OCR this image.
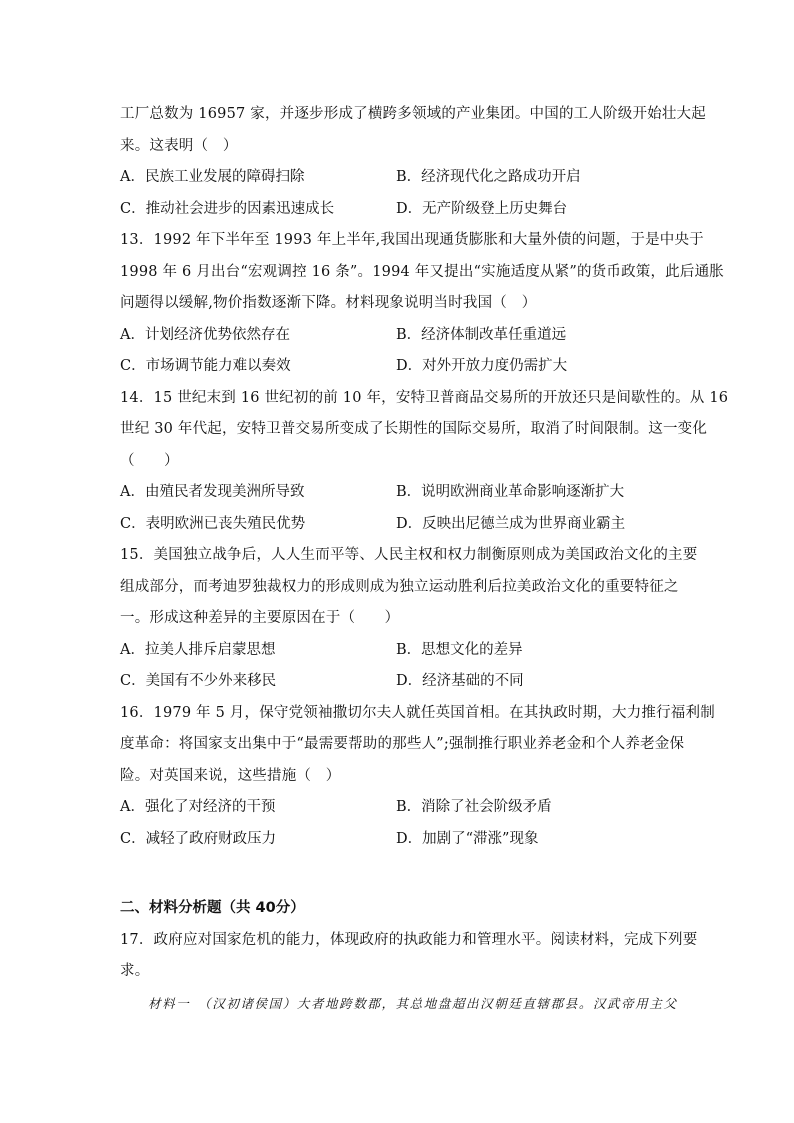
工厂总数为 16957 家，并逐步形成了横跨多领域的产业集团。中国的工人阶级开始壮大起
来。这表明（　）
A．民族工业发展的障碍扫除	B．经济现代化之路成功开启
C．推动社会进步的因素迅速成长	D．无产阶级登上历史舞台
13．1992 年下半年至 1993 年上半年,我国出现通货膨胀和大量外债的问题，于是中央于
1998 年 6 月出台“宏观调控 16 条”。1994 年又提出“实施适度从紧”的货币政策，此后通胀
问题得以缓解,物价指数逐渐下降。材料现象说明当时我国（　）
A．计划经济优势依然存在	B．经济体制改革任重道远
C．市场调节能力难以奏效	D．对外开放力度仍需扩大
14．15 世纪末到 16 世纪初的前 10 年，安特卫普商品交易所的开放还只是间歇性的。从 16
世纪 30 年代起，安特卫普交易所变成了长期性的国际交易所，取消了时间限制。这一变化
（　　）
A．由殖民者发现美洲所导致	B．说明欧洲商业革命影响逐渐扩大
C．表明欧洲已丧失殖民优势	D．反映出尼德兰成为世界商业霸主
15．美国独立战争后，人人生而平等、人民主权和权力制衡原则成为美国政治文化的主要
组成部分，而考迪罗独裁权力的形成则成为独立运动胜利后拉美政治文化的重要特征之
一。形成这种差异的主要原因在于（　　）
A．拉美人排斥启蒙思想	B．思想文化的差异
C．美国有不少外来移民	D．经济基础的不同
16．1979 年 5 月，保守党领袖撒切尔夫人就任英国首相。在其执政时期，大力推行福利制
度革命：将国家支出集中于“最需要帮助的那些人”;强制推行职业养老金和个人养老金保
险。对英国来说，这些措施（　）
A．强化了对经济的干预	B．消除了社会阶级矛盾
C．减轻了政府财政压力	D．加剧了“滞涨”现象
二、材料分析题（共 40分）
17．政府应对国家危机的能力，体现政府的执政能力和管理水平。阅读材料，完成下列要
求。
材料一　（汉初诸侯国）大者地跨数郡，其总地盘超出汉朝廷直辖郡县。汉武帝用主父
